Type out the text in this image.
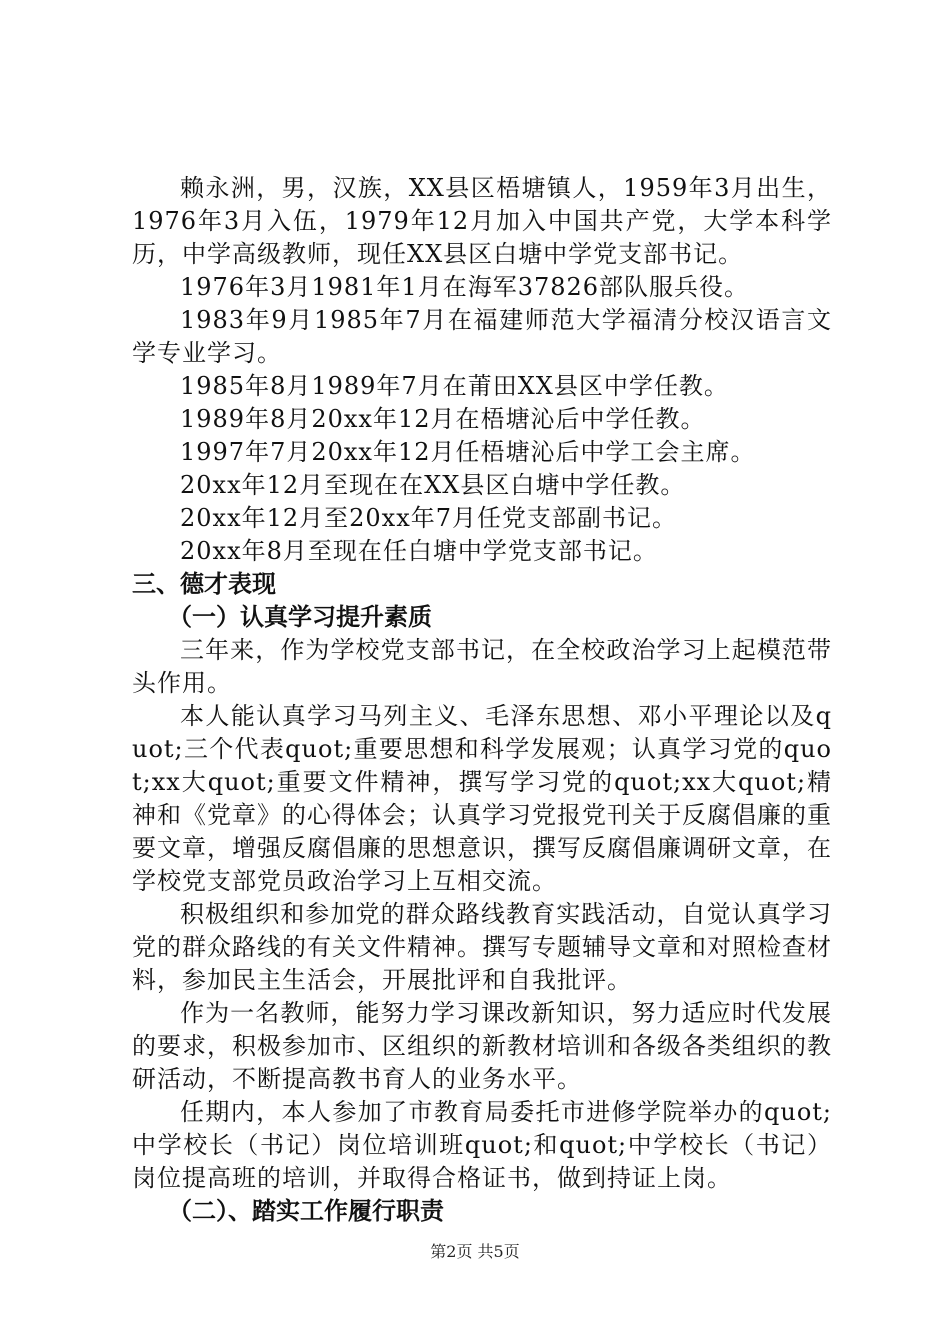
赖永洲，男，汉族，XX县区梧塘镇人，1959年3月出生，1976年3月入伍，1979年12月加入中国共产党，大学本科学历，中学高级教师，现任XX县区白塘中学党支部书记。

1976年3月1981年1月在海军37826部队服兵役。

1983年9月1985年7月在福建师范大学福清分校汉语言文学专业学习。

1985年8月1989年7月在莆田XX县区中学任教。

1989年8月20xx年12月在梧塘沁后中学任教。

1997年7月20xx年12月任梧塘沁后中学工会主席。

20xx年12月至现在在XX县区白塘中学任教。

20xx年12月至20xx年7月任党支部副书记。

20xx年8月至现在任白塘中学党支部书记。

三、德才表现
（一）认真学习提升素质

三年来，作为学校党支部书记，在全校政治学习上起模范带头作用。

本人能认真学习马列主义、毛泽东思想、邓小平理论以及quot;三个代表quot;重要思想和科学发展观；认真学习党的quot;xx大quot;重要文件精神，撰写学习党的quot;xx大quot;精神和《党章》的心得体会；认真学习党报党刊关于反腐倡廉的重要文章，增强反腐倡廉的思想意识，撰写反腐倡廉调研文章，在学校党支部党员政治学习上互相交流。

积极组织和参加党的群众路线教育实践活动，自觉认真学习党的群众路线的有关文件精神。撰写专题辅导文章和对照检查材料，参加民主生活会，开展批评和自我批评。

作为一名教师，能努力学习课改新知识，努力适应时代发展的要求，积极参加市、区组织的新教材培训和各级各类组织的教研活动，不断提高教书育人的业务水平。

任期内，本人参加了市教育局委托市进修学院举办的quot;中学校长（书记）岗位培训班quot;和quot;中学校长（书记）岗位提高班的培训，并取得合格证书，做到持证上岗。

（二）、踏实工作履行职责
第2页 共5页
